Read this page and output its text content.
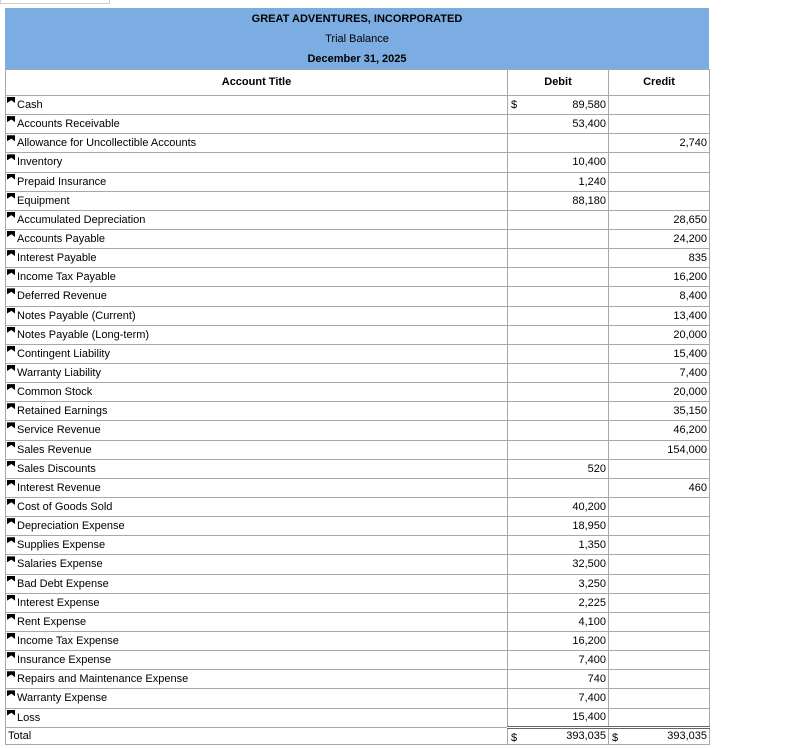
GREAT ADVENTURES, INCORPORATED
Trial Balance
December 31, 2025
Account Title	Debit	Credit

Cash	$ 89,580	

Accounts Receivable	53,400	

Allowance for Uncollectible Accounts		2,740

Inventory	10,400	

Prepaid Insurance	1,240	

Equipment	88,180	

Accumulated Depreciation		28,650

Accounts Payable		24,200

Interest Payable		835

Income Tax Payable		16,200

Deferred Revenue		8,400

Notes Payable (Current)		13,400

Notes Payable (Long-term)		20,000

Contingent Liability		15,400

Warranty Liability		7,400

Common Stock		20,000

Retained Earnings		35,150

Service Revenue		46,200

Sales Revenue		154,000

Sales Discounts	520	

Interest Revenue		460

Cost of Goods Sold	40,200	

Depreciation Expense	18,950	

Supplies Expense	1,350	

Salaries Expense	32,500	

Bad Debt Expense	3,250	

Interest Expense	2,225	

Rent Expense	4,100	

Income Tax Expense	16,200	

Insurance Expense	7,400	

Repairs and Maintenance Expense	740	

Warranty Expense	7,400	

Loss	15,400	

Total	$ 393,035	$ 393,035
